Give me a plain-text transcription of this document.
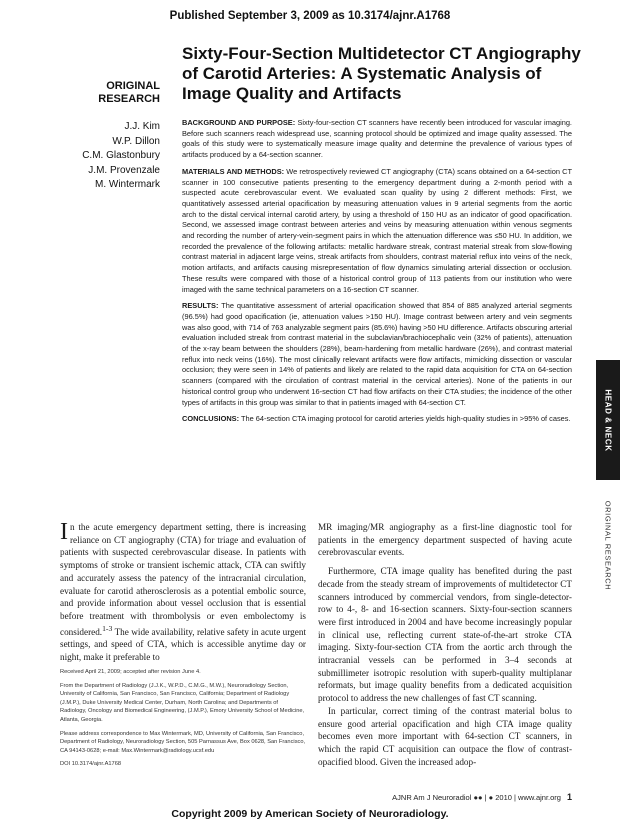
Published September 3, 2009 as 10.3174/ajnr.A1768
Sixty-Four-Section Multidetector CT Angiography of Carotid Arteries: A Systematic Analysis of Image Quality and Artifacts
ORIGINAL RESEARCH
J.J. Kim
W.P. Dillon
C.M. Glastonbury
J.M. Provenzale
M. Wintermark

BACKGROUND AND PURPOSE: Sixty-four-section CT scanners have recently been introduced for vascular imaging. Before such scanners reach widespread use, scanning protocol should be optimized and image quality assessed. The goals of this study were to systematically measure image quality and determine the prevalence of various types of artifacts produced by a 64-section scanner.

MATERIALS AND METHODS: We retrospectively reviewed CT angiography (CTA) scans obtained on a 64-section CT scanner in 100 consecutive patients presenting to the emergency department during a 2-month period with a suspected acute cerebrovascular event. We evaluated scan quality by using 2 different methods: First, we quantitatively assessed arterial opacification by measuring attenuation values in 9 arterial segments from the aortic arch to the distal cervical internal carotid artery, by using a threshold of 150 HU as an indicator of good opacification. Second, we assessed image contrast between arteries and veins by measuring attenuation within venous segments and recording the number of artery-vein-segment pairs in which the attenuation difference was ≤50 HU. In addition, we recorded the prevalence of the following artifacts: metallic hardware streak, contrast material streak from slow-flowing contrast material in adjacent large veins, streak artifacts from shoulders, contrast material reflux into veins of the neck, motion artifacts, and artifacts causing misrepresentation of flow dynamics simulating arterial dissection or occlusion. These results were compared with those of a historical control group of 113 patients from our institution who were imaged with the same technical parameters on a 16-section CT scanner.

RESULTS: The quantitative assessment of arterial opacification showed that 854 of 885 analyzed arterial segments (96.5%) had good opacification (ie, attenuation values >150 HU). Image contrast between artery and vein segments was also good, with 714 of 763 analyzable segment pairs (85.6%) having >50 HU difference. Artifacts obscuring arterial evaluation included streak from contrast material in the subclavian/brachiocephalic vein (32% of patients), attenuation of the x-ray beam between the shoulders (28%), beam-hardening from metallic hardware (26%), and contrast material reflux into neck veins (16%). The most clinically relevant artifacts were flow artifacts, mimicking dissection or vascular occlusion; they were seen in 14% of patients and likely are related to the rapid data acquisition for CTA on 64-section scanners (compared with the circulation of contrast material in the cervical arteries). None of the patients in our historical control group who underwent 16-section CT had flow artifacts on their CTA studies; the incidence of the other types of artifacts in this group was similar to that in patients imaged with 64-section CT.

CONCLUSIONS: The 64-section CTA imaging protocol for carotid arteries yields high-quality studies in >95% of cases.	HEAD & NECK
ORIGINAL RESEARCH

In the acute emergency department setting, there is increasing reliance on CT angiography (CTA) for triage and evaluation of patients with suspected cerebrovascular disease. In patients with symptoms of stroke or transient ischemic attack, CTA can swiftly and accurately assess the patency of the intracranial circulation, evaluate for carotid atherosclerosis as a potential embolic source, and provide information about vessel occlusion that is essential before treatment with thrombolysis or even embolectomy is considered.$^{1-3}$ The wide availability, relative safety in acute urgent settings, and speed of CTA, which is accessible anytime day or night, make it preferable to

MR imaging/MR angiography as a first-line diagnostic tool for patients in the emergency department suspected of having acute cerebrovascular events.

Furthermore, CTA image quality has benefited during the past decade from the steady stream of improvements of multidetector CT scanners introduced by commercial vendors, from single-detector-row to 4-, 8- and 16-section scanners. Sixty-four-section scanners were first introduced in 2004 and have become increasingly popular in clinical use, reflecting current state-of-the-art stroke CTA imaging. Sixty-four-section CTA from the aortic arch through the intracranial vessels can be performed in 3–4 seconds at submillimeter isotropic resolution with superb-quality multiplanar reformats, but image quality benefits from a dedicated acquisition protocol to address the new challenges of fast CT scanning.

In particular, correct timing of the contrast material bolus to ensure good arterial opacification and high CTA image quality becomes even more important with 64-section CT scanners, in which the rapid CT acquisition can outpace the flow of contrast-opacified blood. Given the increased adop-

Received April 21, 2009; accepted after revision June 4.

From the Department of Radiology (J.J.K., W.P.D., C.M.G., M.W.), Neuroradiology Section, University of California, San Francisco, San Francisco, California; Department of Radiology (J.M.P.), Duke University Medical Center, Durham, North Carolina; and Departments of Radiology, Oncology and Biomedical Engineering, (J.M.P.), Emory University School of Medicine, Atlanta, Georgia.

Please address correspondence to Max Wintermark, MD, University of California, San Francisco, Department of Radiology, Neuroradiology Section, 505 Parnassus Ave, Box 0628, San Francisco, CA 94143-0628; e-mail: Max.Wintermark@radiology.ucsf.edu

DOI 10.3174/ajnr.A1768

AJNR Am J Neuroradiol ●● | ● 2010 | www.ajnr.org 1
Copyright 2009 by American Society of Neuroradiology.
